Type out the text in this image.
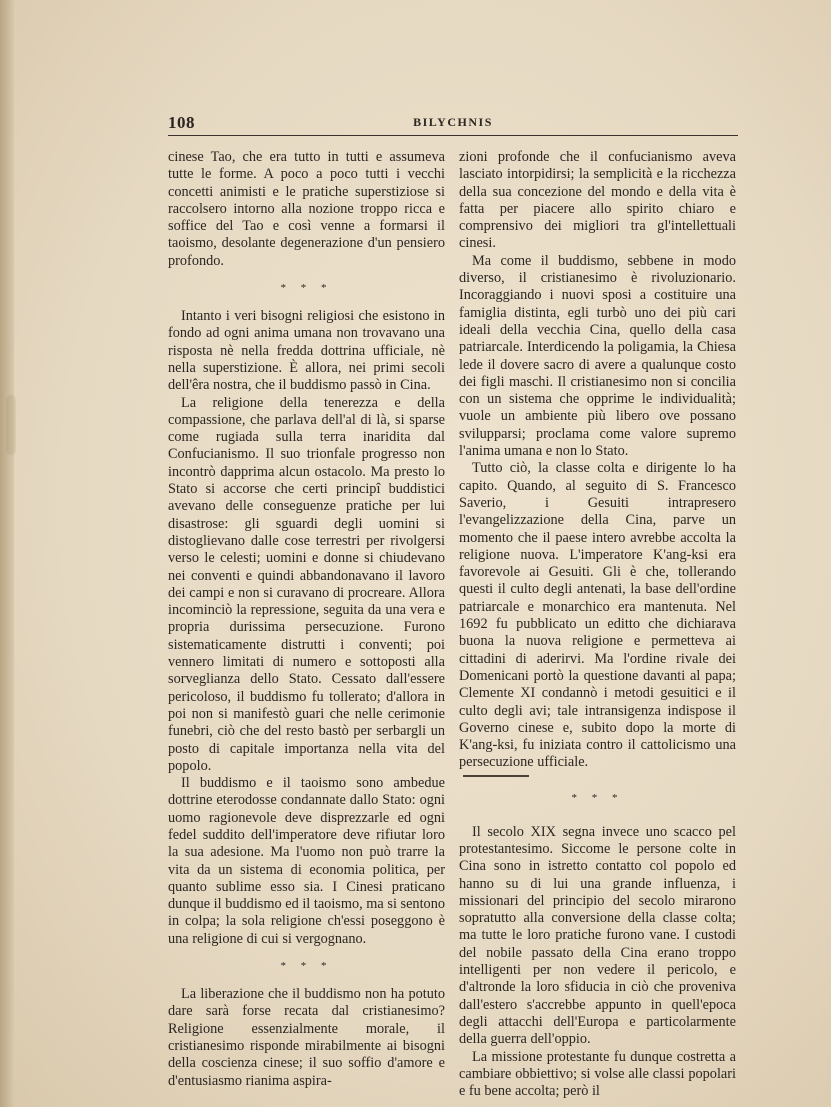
108	BILYCHNIS

cinese Tao, che era tutto in tutti e assumeva tutte le forme. A poco a poco tutti i vecchi concetti animisti e le pratiche superstiziose si raccolsero intorno alla nozione troppo ricca e soffice del Tao e così venne a formarsi il taoismo, desolante degenerazione d'un pensiero profondo.

* * *

Intanto i veri bisogni religiosi che esistono in fondo ad ogni anima umana non trovavano una risposta nè nella fredda dottrina ufficiale, nè nella superstizione. È allora, nei primi secoli dell'êra nostra, che il buddismo passò in Cina.

La religione della tenerezza e della compassione, che parlava dell'al di là, si sparse come rugiada sulla terra inaridita dal Confucianismo. Il suo trionfale progresso non incontrò dapprima alcun ostacolo. Ma presto lo Stato si accorse che certi principî buddistici avevano delle conseguenze pratiche per lui disastrose: gli sguardi degli uomini si distoglievano dalle cose terrestri per rivolgersi verso le celesti; uomini e donne si chiudevano nei conventi e quindi abbandonavano il lavoro dei campi e non si curavano di procreare. Allora incominciò la repressione, seguita da una vera e propria durissima persecuzione. Furono sistematicamente distrutti i conventi; poi vennero limitati di numero e sottoposti alla sorveglianza dello Stato. Cessato dall'essere pericoloso, il buddismo fu tollerato; d'allora in poi non si manifestò guari che nelle cerimonie funebri, ciò che del resto bastò per serbargli un posto di capitale importanza nella vita del popolo.

Il buddismo e il taoismo sono ambedue dottrine eterodosse condannate dallo Stato: ogni uomo ragionevole deve disprezzarle ed ogni fedel suddito dell'imperatore deve rifiutar loro la sua adesione. Ma l'uomo non può trarre la vita da un sistema di economia politica, per quanto sublime esso sia. I Cinesi praticano dunque il buddismo ed il taoismo, ma si sentono in colpa; la sola religione ch'essi poseggono è una religione di cui si vergognano.

* * *

La liberazione che il buddismo non ha potuto dare sarà forse recata dal cristianesimo? Religione essenzialmente morale, il cristianesimo risponde mirabilmente ai bisogni della coscienza cinese; il suo soffio d'amore e d'entusiasmo rianima aspira-

zioni profonde che il confucianismo aveva lasciato intorpidirsi; la semplicità e la ricchezza della sua concezione del mondo e della vita è fatta per piacere allo spirito chiaro e comprensivo dei migliori tra gl'intellettuali cinesi.

Ma come il buddismo, sebbene in modo diverso, il cristianesimo è rivoluzionario. Incoraggiando i nuovi sposi a costituire una famiglia distinta, egli turbò uno dei più cari ideali della vecchia Cina, quello della casa patriarcale. Interdicendo la poligamia, la Chiesa lede il dovere sacro di avere a qualunque costo dei figli maschi. Il cristianesimo non si concilia con un sistema che opprime le individualità; vuole un ambiente più libero ove possano svilupparsi; proclama come valore supremo l'anima umana e non lo Stato.

Tutto ciò, la classe colta e dirigente lo ha capito. Quando, al seguito di S. Francesco Saverio, i Gesuiti intrapresero l'evangelizzazione della Cina, parve un momento che il paese intero avrebbe accolta la religione nuova. L'imperatore K'ang-ksi era favorevole ai Gesuiti. Gli è che, tollerando questi il culto degli antenati, la base dell'ordine patriarcale e monarchico era mantenuta. Nel 1692 fu pubblicato un editto che dichiarava buona la nuova religione e permetteva ai cittadini di aderirvi. Ma l'ordine rivale dei Domenicani portò la questione davanti al papa; Clemente XI condannò i metodi gesuitici e il culto degli avi; tale intransigenza indispose il Governo cinese e, subito dopo la morte di K'ang-ksi, fu iniziata contro il cattolicismo una persecuzione ufficiale.

* * *

Il secolo XIX segna invece uno scacco pel protestantesimo. Siccome le persone colte in Cina sono in istretto contatto col popolo ed hanno su di lui una grande influenza, i missionari del principio del secolo mirarono sopratutto alla conversione della classe colta; ma tutte le loro pratiche furono vane. I custodi del nobile passato della Cina erano troppo intelligenti per non vedere il pericolo, e d'altronde la loro sfiducia in ciò che proveniva dall'estero s'accrebbe appunto in quell'epoca degli attacchi dell'Europa e particolarmente della guerra dell'oppio.

La missione protestante fu dunque costretta a cambiare obbiettivo; si volse alle classi popolari e fu bene accolta; però il
